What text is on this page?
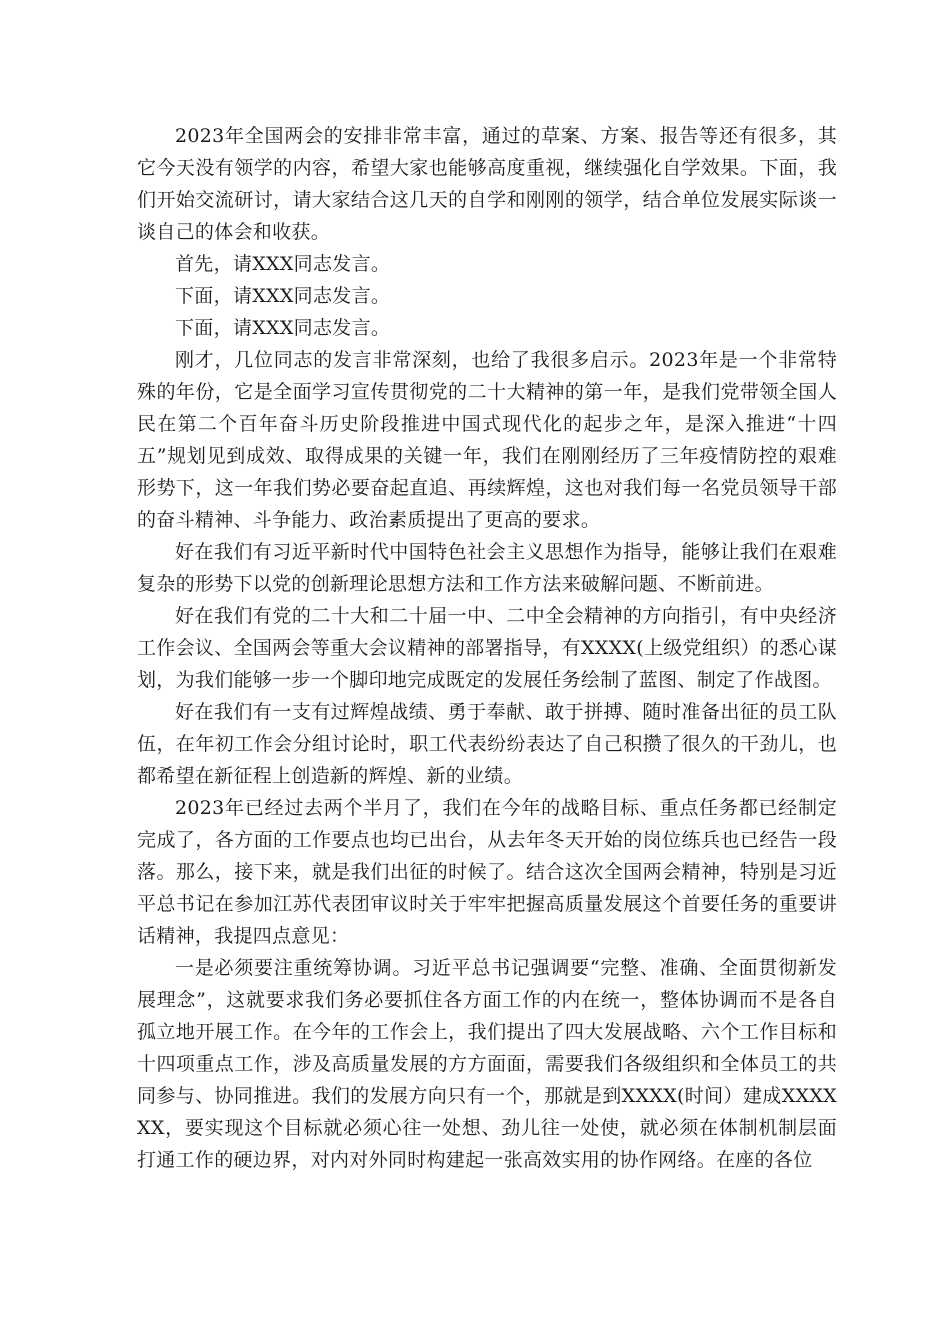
2023年全国两会的安排非常丰富，通过的草案、方案、报告等还有很多，其它今天没有领学的内容，希望大家也能够高度重视，继续强化自学效果。下面，我们开始交流研讨，请大家结合这几天的自学和刚刚的领学，结合单位发展实际谈一谈自己的体会和收获。

首先，请XXX同志发言。

下面，请XXX同志发言。

下面，请XXX同志发言。

刚才，几位同志的发言非常深刻，也给了我很多启示。2023年是一个非常特殊的年份，它是全面学习宣传贯彻党的二十大精神的第一年，是我们党带领全国人民在第二个百年奋斗历史阶段推进中国式现代化的起步之年，是深入推进“十四五”规划见到成效、取得成果的关键一年，我们在刚刚经历了三年疫情防控的艰难形势下，这一年我们势必要奋起直追、再续辉煌，这也对我们每一名党员领导干部的奋斗精神、斗争能力、政治素质提出了更高的要求。

好在我们有习近平新时代中国特色社会主义思想作为指导，能够让我们在艰难复杂的形势下以党的创新理论思想方法和工作方法来破解问题、不断前进。

好在我们有党的二十大和二十届一中、二中全会精神的方向指引，有中央经济工作会议、全国两会等重大会议精神的部署指导，有XXXX(上级党组织）的悉心谋划，为我们能够一步一个脚印地完成既定的发展任务绘制了蓝图、制定了作战图。

好在我们有一支有过辉煌战绩、勇于奉献、敢于拼搏、随时准备出征的员工队伍，在年初工作会分组讨论时，职工代表纷纷表达了自己积攒了很久的干劲儿，也都希望在新征程上创造新的辉煌、新的业绩。

2023年已经过去两个半月了，我们在今年的战略目标、重点任务都已经制定完成了，各方面的工作要点也均已出台，从去年冬天开始的岗位练兵也已经告一段落。那么，接下来，就是我们出征的时候了。结合这次全国两会精神，特别是习近平总书记在参加江苏代表团审议时关于牢牢把握高质量发展这个首要任务的重要讲话精神，我提四点意见：

一是必须要注重统筹协调。习近平总书记强调要“完整、准确、全面贯彻新发展理念”，这就要求我们务必要抓住各方面工作的内在统一，整体协调而不是各自孤立地开展工作。在今年的工作会上，我们提出了四大发展战略、六个工作目标和十四项重点工作，涉及高质量发展的方方面面，需要我们各级组织和全体员工的共同参与、协同推进。我们的发展方向只有一个，那就是到XXXX(时间）建成XXXXXX，要实现这个目标就必须心往一处想、劲儿往一处使，就必须在体制机制层面打通工作的硬边界，对内对外同时构建起一张高效实用的协作网络。在座的各位
